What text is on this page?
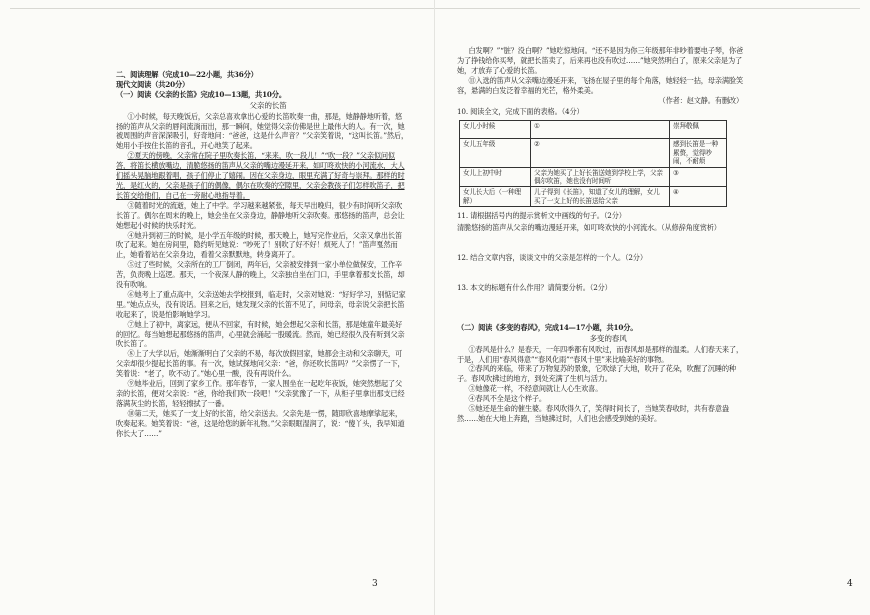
二、阅读理解（完成10—22小题，共36分）

现代文阅读（共20分）

（一）阅读《父亲的长笛》完成10—13题，共10分。

父亲的长笛

①小时候，每天晚饭后，父亲总喜欢拿出心爱的长笛吹奏一曲，那是，她静静地听着，悠扬的笛声从父亲的唇间流淌而出，那一瞬间，她觉得父亲仿佛是世上最伟大的人。有一次，她被周围的声音深深吸引，好奇地问：“爸爸，这是什么声音？”父亲笑着说，“这叫长笛。”然后，她用小手按住长笛的音孔，开心地笑了起来。

②夏天的傍晚，父亲常在院子里吹奏长笛，“来来，吹一段儿！”“吹一段？”父亲似问似答，将笛长横放嘴边，清脆悠扬的笛声从父亲的嘴边漫延开来，如叮咚欢快的小河流水，大人们摇头晃脑地跟着唱，孩子们停止了嬉闹。因在父亲身边，眼里充满了好奇与崇拜。那样的时光，是红火的，父亲是孩子们的偶像，偶尔在吹奏的空隙里，父亲会教孩子们怎样吹笛子，把长笛交给他们，自己在一旁耐心地指导着。

③随着时光的流逝，她上了中学。学习越来越紧张，每天早出晚归，很少有时间听父亲吹长笛了。偶尔在周末的晚上，她会坐在父亲身边，静静地听父亲吹奏。那悠扬的笛声，总会让她想起小时候的快乐时光。

④她升到初三的时候，是小学五年级的时候，那天晚上，她写完作业后，父亲又拿出长笛吹了起来。她在房间里，隐约听见她说：“吵死了！别吹了好不好！烦死人了！”笛声戛然而止，她看着站在父亲身边，看着父亲默默地，转身离开了。

⑤过了些时候，父亲所在的工厂倒闭，两年后，父亲被安排到一家小单位做保安，工作辛苦，负责晚上巡逻。那天，一个夜深人静的晚上，父亲独自坐在门口，手里拿着那支长笛，却没有吹响。

⑥她考上了重点高中，父亲送她去学校报到，临走时，父亲对她说：“好好学习，别惦记家里。”她点点头，没有说话。回来之后，她发现父亲的长笛不见了，问母亲，母亲说父亲把长笛收起来了，说是怕影响她学习。

⑦她上了初中，离家远，便从不回家，有时候，她会想起父亲和长笛，那是她童年最美好的回忆。每当她想起那悠扬的笛声，心里就会涌起一股暖流。然而，她已经很久没有听到父亲吹长笛了。

⑧上了大学以后，她渐渐明白了父亲的不易，每次放假回家，她都会主动和父亲聊天，可父亲却很少提起长笛的事。有一次，她试探地问父亲：“爸，你还吹长笛吗？”父亲愣了一下，笑着说：“老了，吹不动了。”她心里一酸，没有再说什么。

⑨她毕业后，回到了家乡工作。那年春节，一家人围坐在一起吃年夜饭，她突然想起了父亲的长笛，便对父亲说：“爸，你给我们吹一段吧！”父亲犹豫了一下，从柜子里拿出那支已经落满灰尘的长笛，轻轻擦拭了一番。

⑩第二天，她买了一支上好的长笛，给父亲送去。父亲先是一愣，随即欣喜地摩挲起来，吹奏起来。她笑着说：“爸，这是给您的新年礼物。”父亲眼眶湿润了，说：“傻丫头，我早知道你长大了……”

3

白发啊？”“脏？没白啊？”她吃惊地问。“还不是因为你三年级那年非吵着要电子琴，你爸为了挣钱给你买琴，就把长笛卖了，后来再也没有吹过……”她突然明白了，原来父亲是为了她，才放弃了心爱的长笛。

⑪入选的笛声从父亲嘴边漫延开来，飞扬在屋子里的每个角落，她轻轻一拈，母亲满脸笑容，悬满的白发泛着幸福的光芒，格外柔美。

（作者：赵文静。有删改）

10. 阅读全文，完成下面的表格。（4分）

女儿小时候	①	崇拜敬佩
女儿五年级	②	感到长笛是一种累赘，觉得吵闹，不耐烦
女儿上初中时	父亲为她买了上好长笛送她到学校上学，父亲偶尔吹笛，她也没有时间听	③
女儿长大后（一种理解）	儿子得到《长笛》，知道了女儿的理解，女儿买了一支上好的长笛送给父亲	④

11. 请根据括号内的提示赏析文中画线的句子。（2分）

清脆悠扬的笛声从父亲的嘴边漫延开来，如叮咚欢快的小河流水。（从修辞角度赏析）

12. 结合文章内容，谈谈文中的父亲是怎样的一个人。（2分）

13. 本文的标题有什么作用？请简要分析。（2分）

（二）阅读《多变的春风》，完成14—17小题，共10分。

多变的春风

①春风是什么？是春天，一年四季都有风吹过，而春风却是那样的温柔。人们春天来了，于是，人们用“春风得意”“春风化雨”“春风十里”来比喻美好的事物。

②春风的来临，带来了万物复苏的景象，它吹绿了大地，吹开了花朵，吹醒了沉睡的种子。春风吹拂过的地方，到处充满了生机与活力。

③她像花一样，不经意间就让人心生欢喜。

④春风不全是这个样子。

⑤她还是生命的催生婆。春风吹得久了，笑得时间长了，当她笑春收时，共有春意盎然……她在大地上奔跑，当她拂过时，人们也会感受到她的美好。

4
